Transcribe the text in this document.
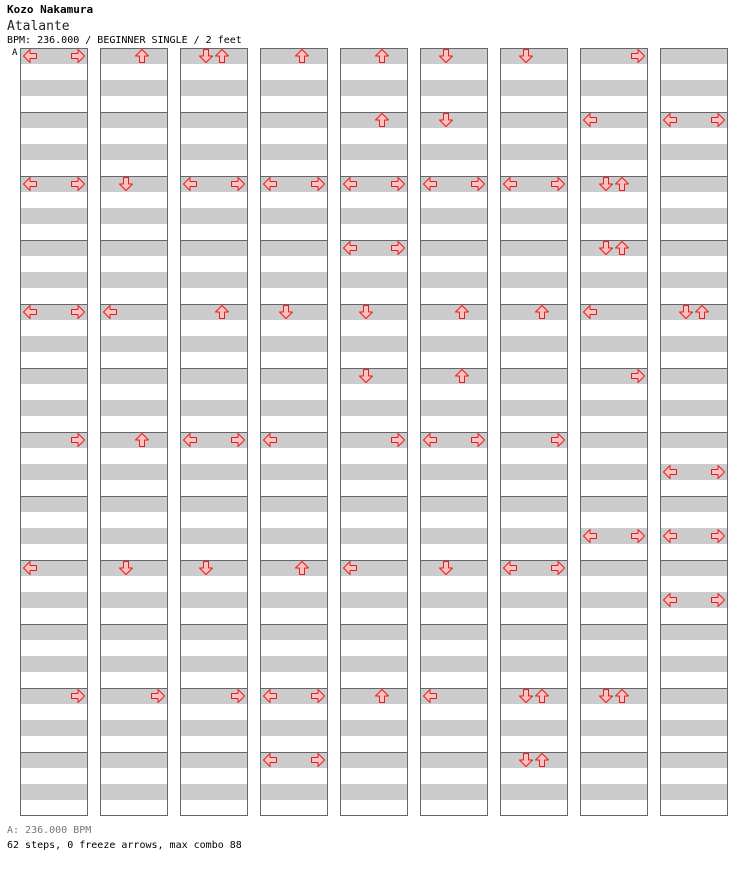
Kozo Nakamura
Atalante
BPM: 236.000 / BEGINNER SINGLE / 2 feet
A
A: 236.000 BPM
62 steps, 0 freeze arrows, max combo 88
